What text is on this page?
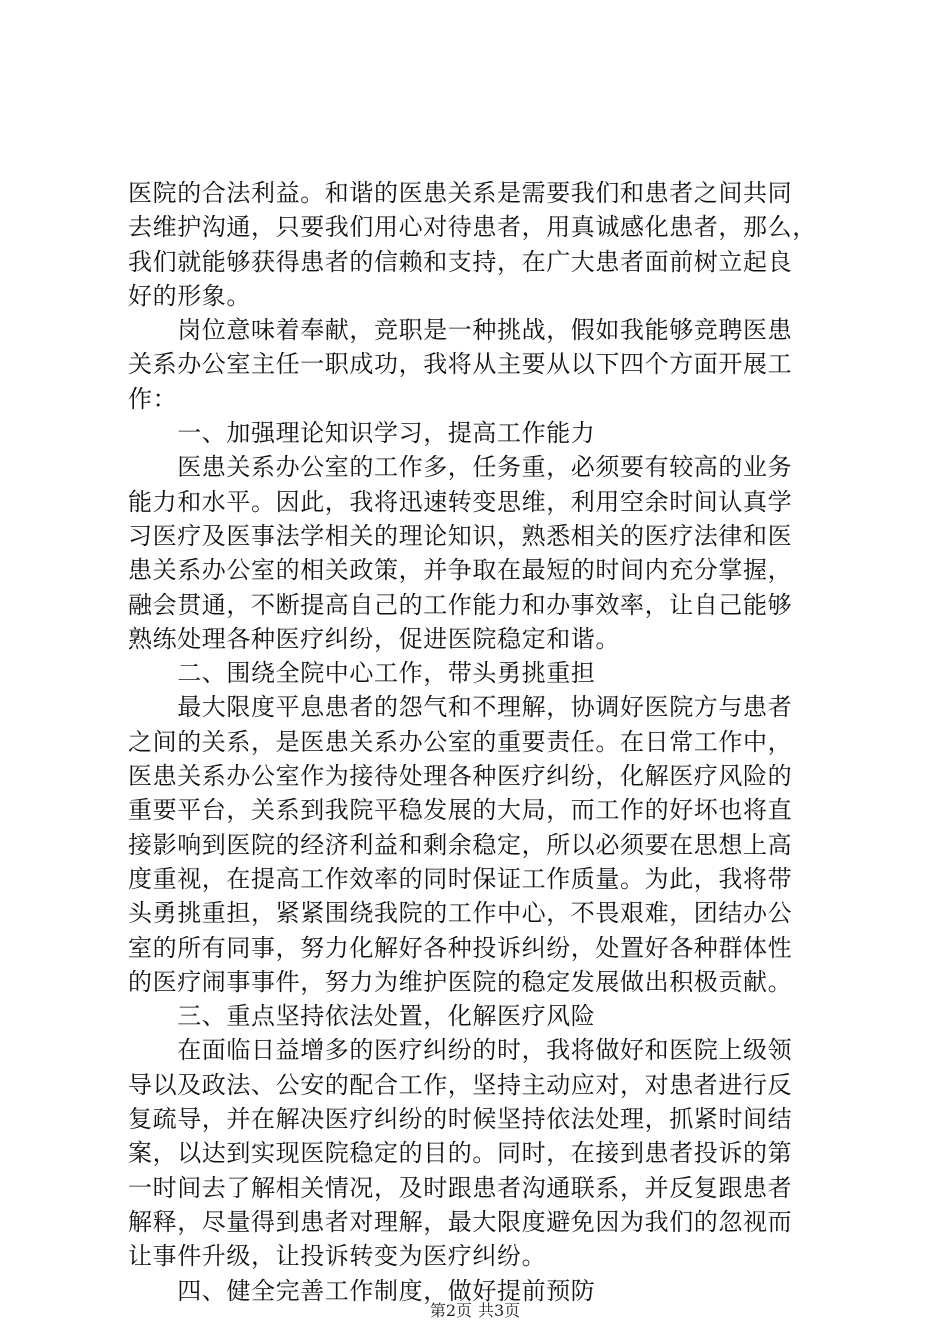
医院的合法利益。和谐的医患关系是需要我们和患者之间共同
去维护沟通，只要我们用心对待患者，用真诚感化患者，那么，
我们就能够获得患者的信赖和支持，在广大患者面前树立起良
好的形象。
　　岗位意味着奉献，竞职是一种挑战，假如我能够竞聘医患
关系办公室主任一职成功，我将从主要从以下四个方面开展工
作：
　　一、加强理论知识学习，提高工作能力
　　医患关系办公室的工作多，任务重，必须要有较高的业务
能力和水平。因此，我将迅速转变思维，利用空余时间认真学
习医疗及医事法学相关的理论知识，熟悉相关的医疗法律和医
患关系办公室的相关政策，并争取在最短的时间内充分掌握，
融会贯通，不断提高自己的工作能力和办事效率，让自己能够
熟练处理各种医疗纠纷，促进医院稳定和谐。
　　二、围绕全院中心工作，带头勇挑重担
　　最大限度平息患者的怨气和不理解，协调好医院方与患者
之间的关系，是医患关系办公室的重要责任。在日常工作中，
医患关系办公室作为接待处理各种医疗纠纷，化解医疗风险的
重要平台，关系到我院平稳发展的大局，而工作的好坏也将直
接影响到医院的经济利益和剩余稳定，所以必须要在思想上高
度重视，在提高工作效率的同时保证工作质量。为此，我将带
头勇挑重担，紧紧围绕我院的工作中心，不畏艰难，团结办公
室的所有同事，努力化解好各种投诉纠纷，处置好各种群体性
的医疗闹事事件，努力为维护医院的稳定发展做出积极贡献。
　　三、重点坚持依法处置，化解医疗风险
　　在面临日益增多的医疗纠纷的时，我将做好和医院上级领
导以及政法、公安的配合工作，坚持主动应对，对患者进行反
复疏导，并在解决医疗纠纷的时候坚持依法处理，抓紧时间结
案，以达到实现医院稳定的目的。同时，在接到患者投诉的第
一时间去了解相关情况，及时跟患者沟通联系，并反复跟患者
解释，尽量得到患者对理解，最大限度避免因为我们的忽视而
让事件升级，让投诉转变为医疗纠纷。
　　四、健全完善工作制度，做好提前预防
第2页 共3页
